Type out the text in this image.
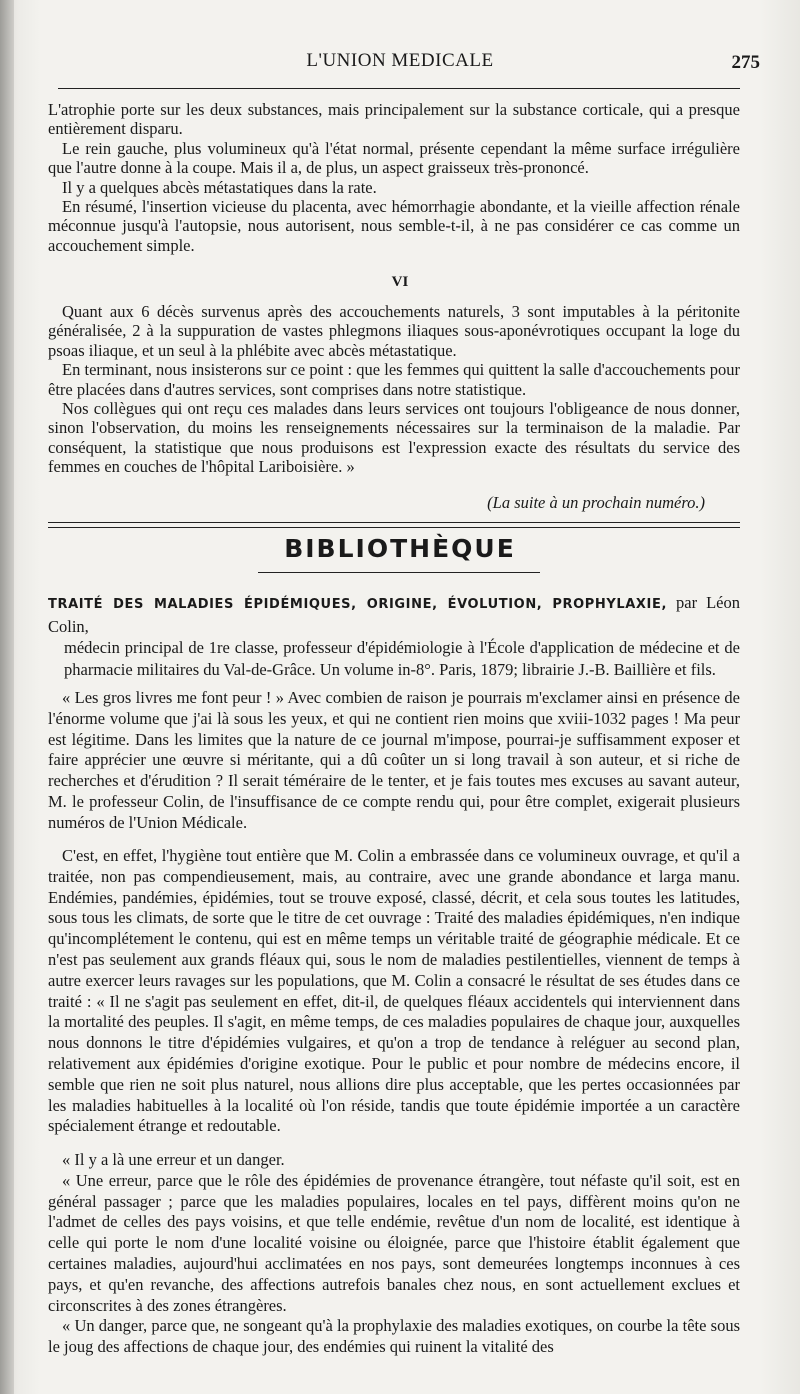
L'UNION MEDICALE	275

L'atrophie porte sur les deux substances, mais principalement sur la substance corticale, qui a presque entièrement disparu.

Le rein gauche, plus volumineux qu'à l'état normal, présente cependant la même surface irrégulière que l'autre donne à la coupe. Mais il a, de plus, un aspect graisseux très-prononcé.

Il y a quelques abcès métastatiques dans la rate.

En résumé, l'insertion vicieuse du placenta, avec hémorrhagie abondante, et la vieille affection rénale méconnue jusqu'à l'autopsie, nous autorisent, nous semble-t-il, à ne pas considérer ce cas comme un accouchement simple.

VI

Quant aux 6 décès survenus après des accouchements naturels, 3 sont imputables à la péritonite généralisée, 2 à la suppuration de vastes phlegmons iliaques sous-aponévrotiques occupant la loge du psoas iliaque, et un seul à la phlébite avec abcès métastatique.

En terminant, nous insisterons sur ce point : que les femmes qui quittent la salle d'accouchements pour être placées dans d'autres services, sont comprises dans notre statistique.

Nos collègues qui ont reçu ces malades dans leurs services ont toujours l'obligeance de nous donner, sinon l'observation, du moins les renseignements nécessaires sur la terminaison de la maladie. Par conséquent, la statistique que nous produisons est l'expression exacte des résultats du service des femmes en couches de l'hôpital Lariboisière. »

(La suite à un prochain numéro.)
BIBLIOTHÈQUE
TRAITÉ DES MALADIES ÉPIDÉMIQUES, ORIGINE, ÉVOLUTION, PROPHYLAXIE, par Léon Colin,
médecin principal de 1re classe, professeur d'épidémiologie à l'École d'application de médecine et de pharmacie militaires du Val-de-Grâce. Un volume in-8°. Paris, 1879; librairie J.-B. Baillière et fils.

« Les gros livres me font peur ! » Avec combien de raison je pourrais m'exclamer ainsi en présence de l'énorme volume que j'ai là sous les yeux, et qui ne contient rien moins que xviii-1032 pages ! Ma peur est légitime. Dans les limites que la nature de ce journal m'impose, pourrai-je suffisamment exposer et faire apprécier une œuvre si méritante, qui a dû coûter un si long travail à son auteur, et si riche de recherches et d'érudition ? Il serait téméraire de le tenter, et je fais toutes mes excuses au savant auteur, M. le professeur Colin, de l'insuffisance de ce compte rendu qui, pour être complet, exigerait plusieurs numéros de l'Union Médicale.

C'est, en effet, l'hygiène tout entière que M. Colin a embrassée dans ce volumineux ouvrage, et qu'il a traitée, non pas compendieusement, mais, au contraire, avec une grande abondance et larga manu. Endémies, pandémies, épidémies, tout se trouve exposé, classé, décrit, et cela sous toutes les latitudes, sous tous les climats, de sorte que le titre de cet ouvrage : Traité des maladies épidémiques, n'en indique qu'incomplétement le contenu, qui est en même temps un véritable traité de géographie médicale. Et ce n'est pas seulement aux grands fléaux qui, sous le nom de maladies pestilentielles, viennent de temps à autre exercer leurs ravages sur les populations, que M. Colin a consacré le résultat de ses études dans ce traité : « Il ne s'agit pas seulement en effet, dit-il, de quelques fléaux accidentels qui interviennent dans la mortalité des peuples. Il s'agit, en même temps, de ces maladies populaires de chaque jour, auxquelles nous donnons le titre d'épidémies vulgaires, et qu'on a trop de tendance à reléguer au second plan, relativement aux épidémies d'origine exotique. Pour le public et pour nombre de médecins encore, il semble que rien ne soit plus naturel, nous allions dire plus acceptable, que les pertes occasionnées par les maladies habituelles à la localité où l'on réside, tandis que toute épidémie importée a un caractère spécialement étrange et redoutable.

« Il y a là une erreur et un danger.

« Une erreur, parce que le rôle des épidémies de provenance étrangère, tout néfaste qu'il soit, est en général passager ; parce que les maladies populaires, locales en tel pays, diffèrent moins qu'on ne l'admet de celles des pays voisins, et que telle endémie, revêtue d'un nom de localité, est identique à celle qui porte le nom d'une localité voisine ou éloignée, parce que l'histoire établit également que certaines maladies, aujourd'hui acclimatées en nos pays, sont demeurées longtemps inconnues à ces pays, et qu'en revanche, des affections autrefois banales chez nous, en sont actuellement exclues et circonscrites à des zones étrangères.

« Un danger, parce que, ne songeant qu'à la prophylaxie des maladies exotiques, on courbe la tête sous le joug des affections de chaque jour, des endémies qui ruinent la vitalité des
